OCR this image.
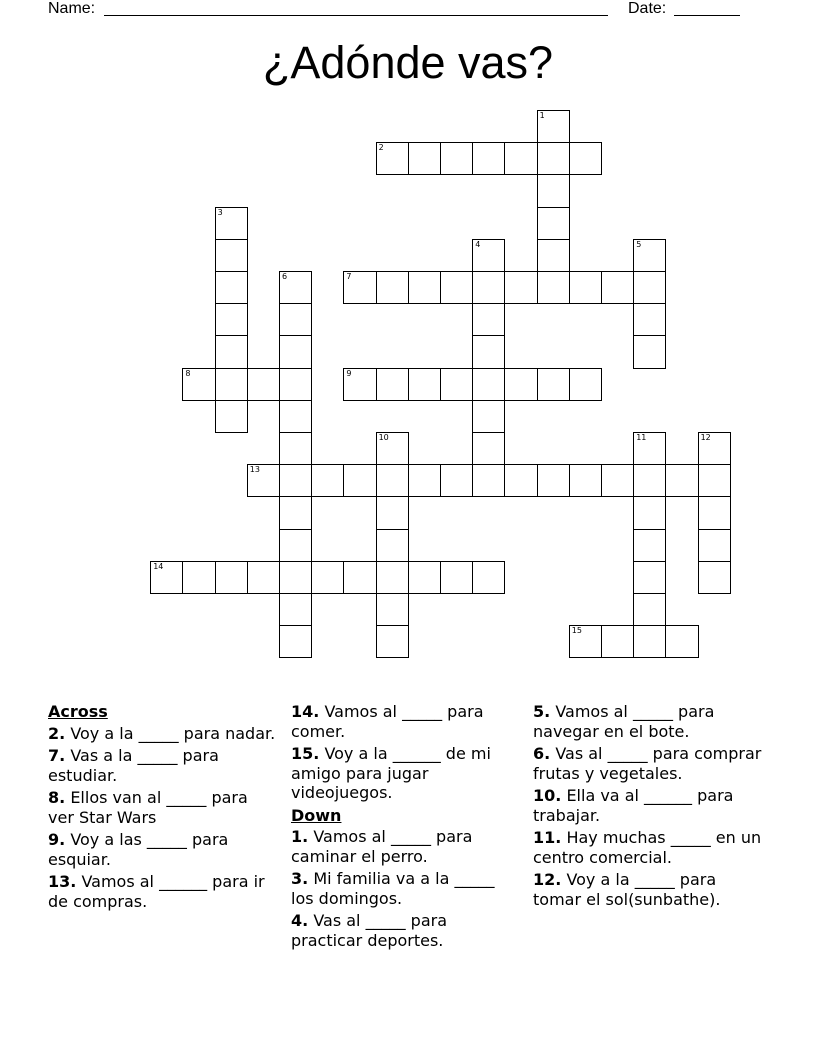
Name:	Date:
¿Adónde vas?
1
2
3
4	5
6	7
8	9
10	11	12
13
14
15
Across
2. Voy a la _____ para nadar.
7. Vas a la _____ para estudiar.
8. Ellos van al _____ para ver Star Wars
9. Voy a las _____ para esquiar.
13. Vamos al ______ para ir de compras.
14. Vamos al _____ para comer.
15. Voy a la ______ de mi amigo para jugar videojuegos.
Down
1. Vamos al _____ para caminar el perro.
3. Mi familia va a la _____ los domingos.
4. Vas al _____ para practicar deportes.
5. Vamos al _____ para navegar en el bote.
6. Vas al _____ para comprar frutas y vegetales.
10. Ella va al ______ para trabajar.
11. Hay muchas _____ en un centro comercial.
12. Voy a la _____ para tomar el sol(sunbathe).
